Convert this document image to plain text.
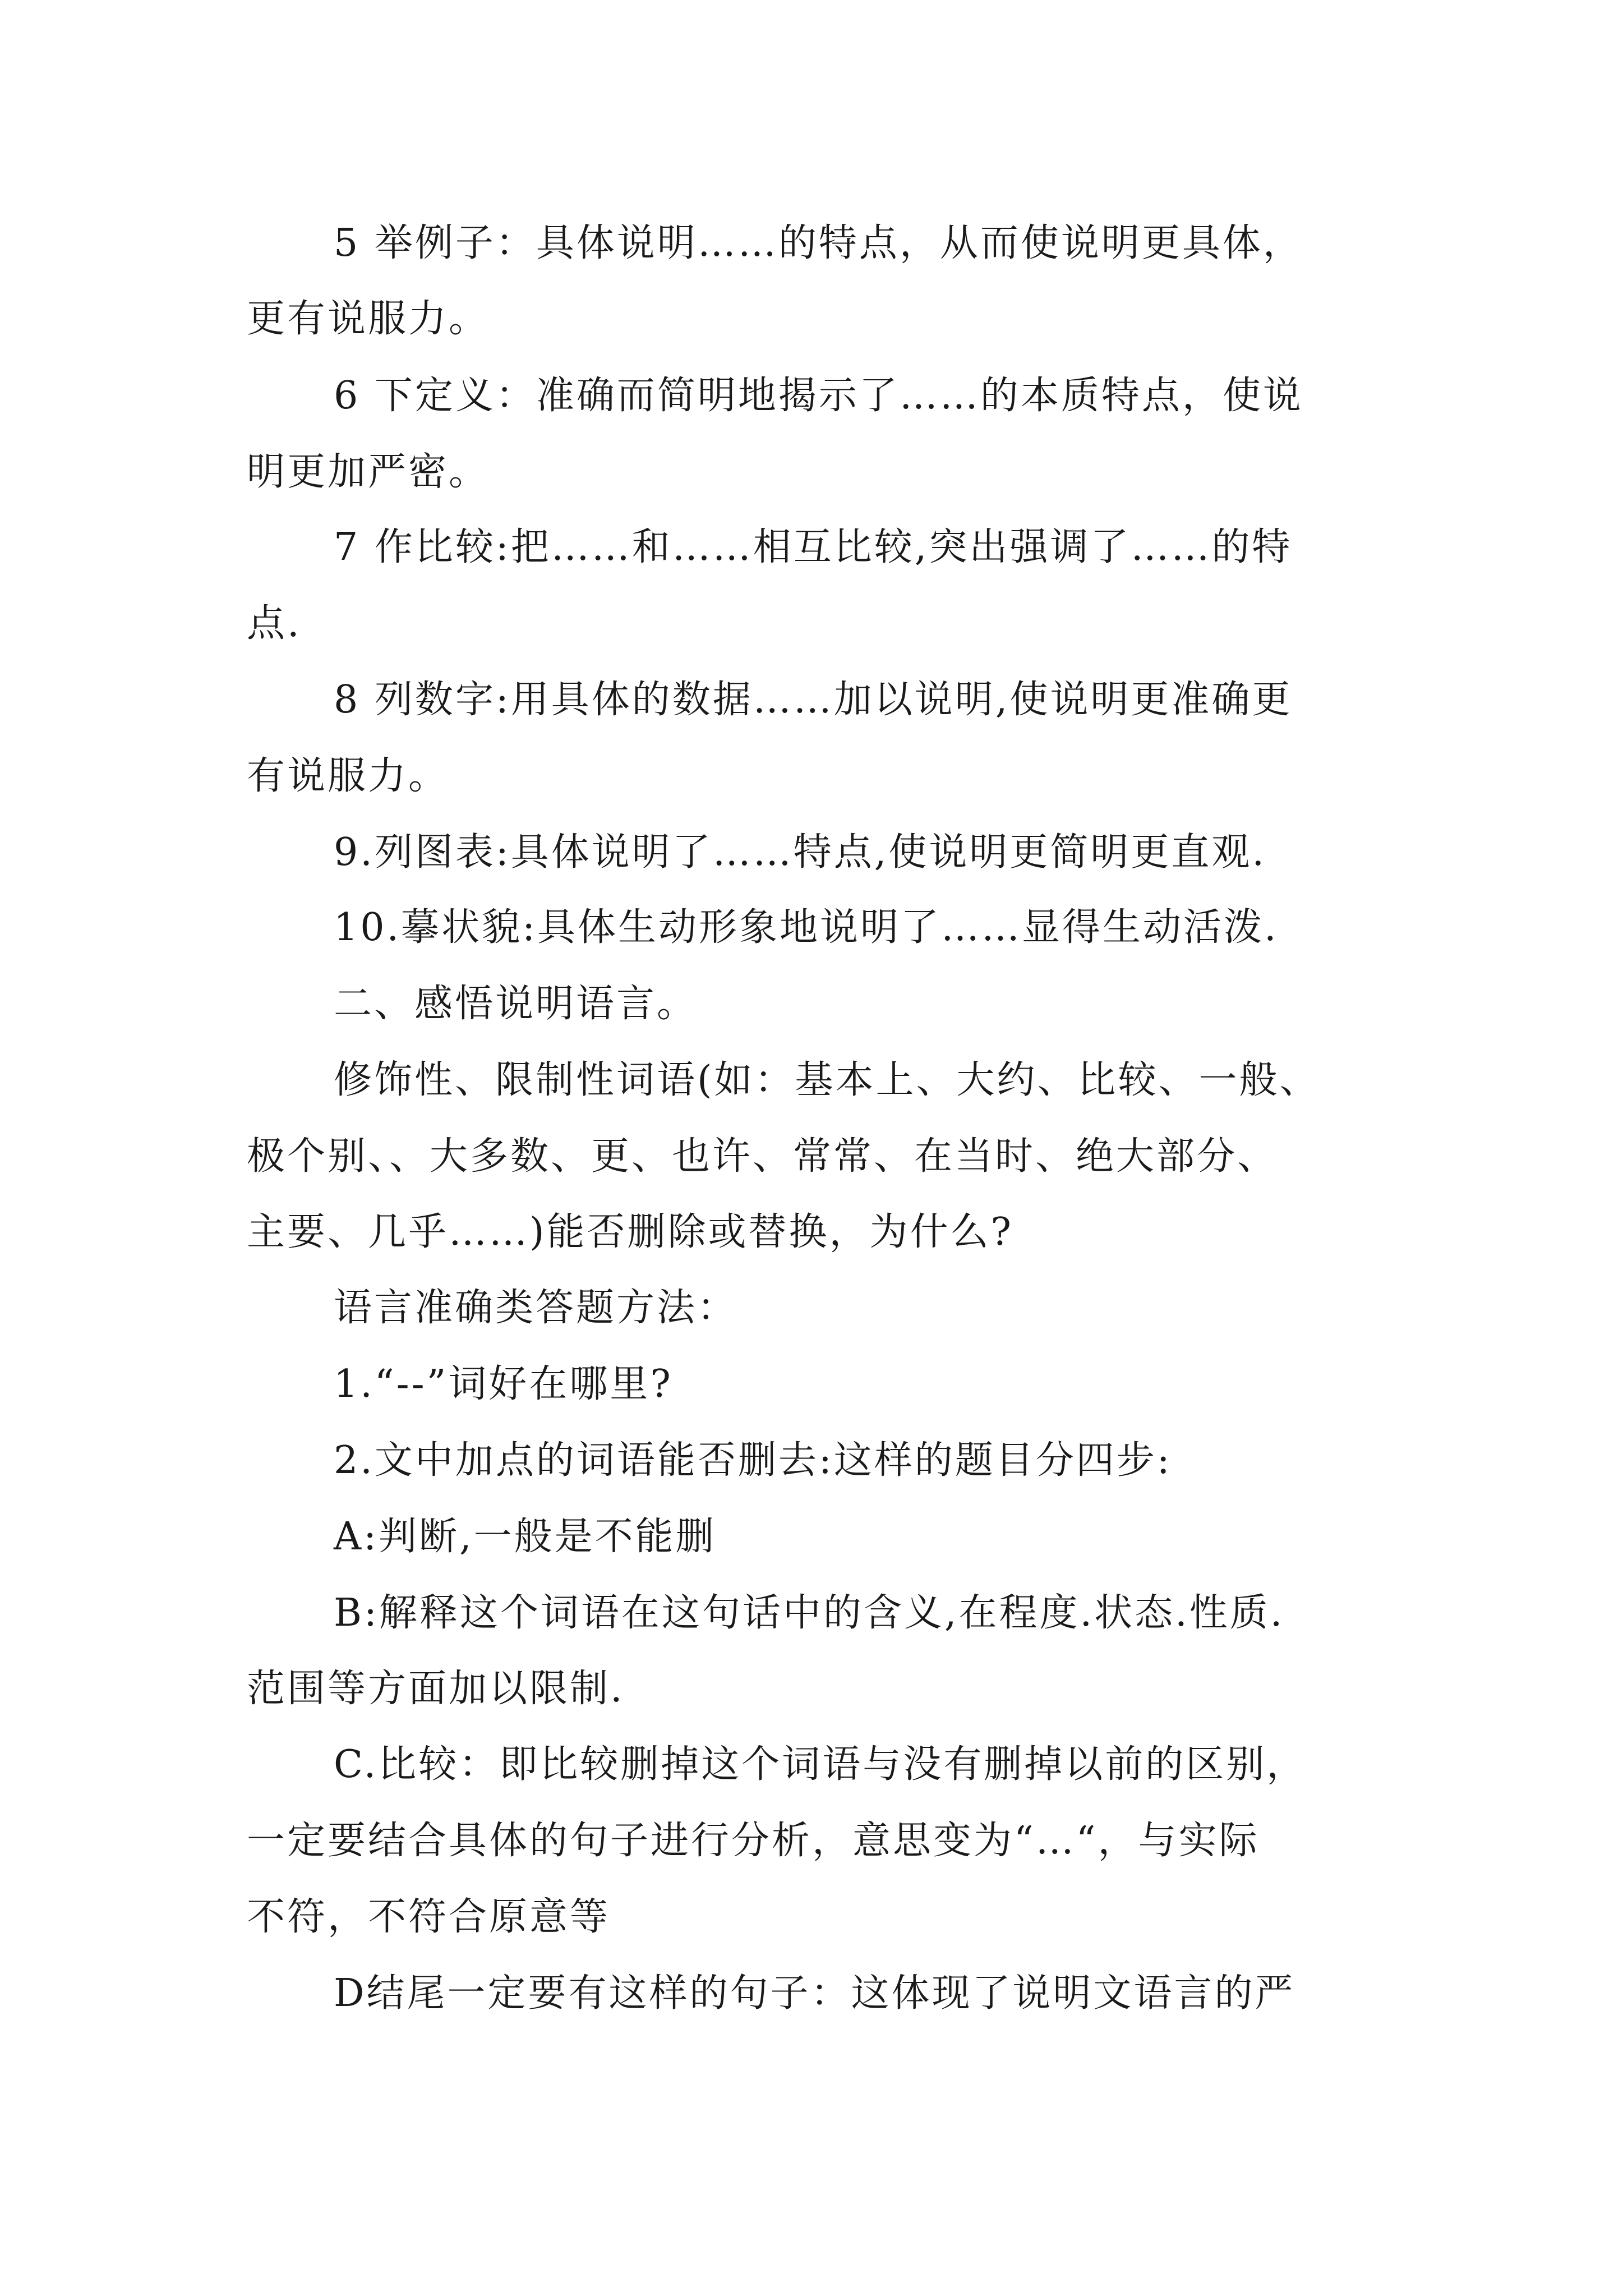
5 举例子：具体说明……的特点，从而使说明更具体，
更有说服力。
6 下定义：准确而简明地揭示了……的本质特点，使说
明更加严密。
7 作比较:把……和……相互比较,突出强调了……的特
点.
8 列数字:用具体的数据……加以说明,使说明更准确更
有说服力。
9.列图表:具体说明了……特点,使说明更简明更直观.
10.摹状貌:具体生动形象地说明了……显得生动活泼.
二、感悟说明语言。
修饰性、限制性词语(如：基本上、大约、比较、一般、
极个别、、大多数、更、也许、常常、在当时、绝大部分、
主要、几乎……)能否删除或替换，为什么?
语言准确类答题方法：
1.“--”词好在哪里?
2.文中加点的词语能否删去:这样的题目分四步:
A:判断,一般是不能删
B:解释这个词语在这句话中的含义,在程度.状态.性质.
范围等方面加以限制.
C.比较：即比较删掉这个词语与没有删掉以前的区别，
一定要结合具体的句子进行分析，意思变为“…“，与实际
不符，不符合原意等
D结尾一定要有这样的句子：这体现了说明文语言的严
